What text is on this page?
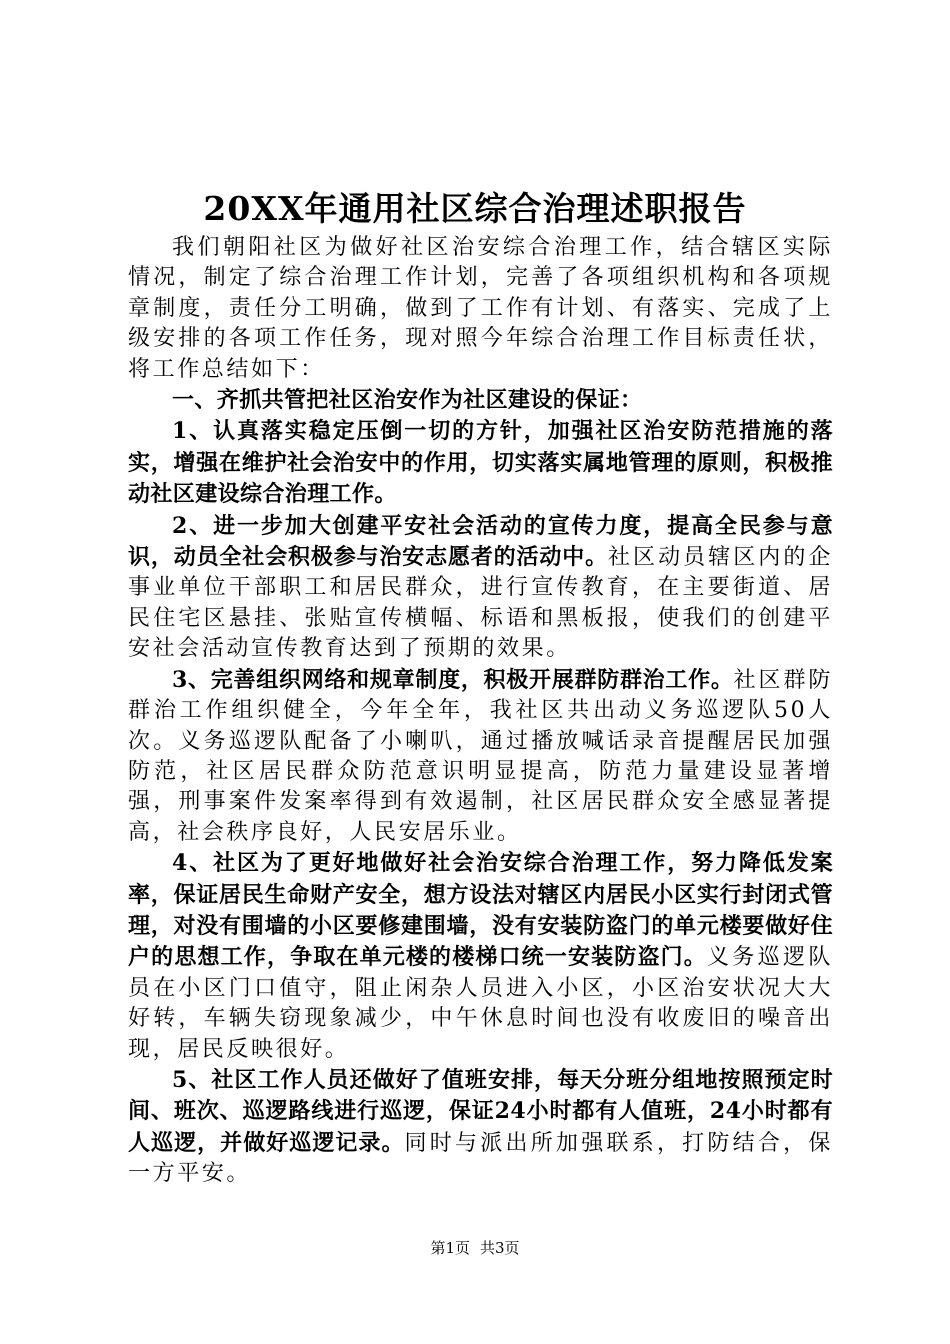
20XX年通用社区综合治理述职报告

我们朝阳社区为做好社区治安综合治理工作，结合辖区实际情况，制定了综合治理工作计划，完善了各项组织机构和各项规章制度，责任分工明确，做到了工作有计划、有落实、完成了上级安排的各项工作任务，现对照今年综合治理工作目标责任状，将工作总结如下：

一、齐抓共管把社区治安作为社区建设的保证：

1、认真落实稳定压倒一切的方针，加强社区治安防范措施的落实，增强在维护社会治安中的作用，切实落实属地管理的原则，积极推动社区建设综合治理工作。

2、进一步加大创建平安社会活动的宣传力度，提高全民参与意识，动员全社会积极参与治安志愿者的活动中。社区动员辖区内的企事业单位干部职工和居民群众，进行宣传教育，在主要街道、居民住宅区悬挂、张贴宣传横幅、标语和黑板报，使我们的创建平安社会活动宣传教育达到了预期的效果。

3、完善组织网络和规章制度，积极开展群防群治工作。社区群防群治工作组织健全，今年全年，我社区共出动义务巡逻队50人次。义务巡逻队配备了小喇叭，通过播放喊话录音提醒居民加强防范，社区居民群众防范意识明显提高，防范力量建设显著增强，刑事案件发案率得到有效遏制，社区居民群众安全感显著提高，社会秩序良好，人民安居乐业。

4、社区为了更好地做好社会治安综合治理工作，努力降低发案率，保证居民生命财产安全，想方设法对辖区内居民小区实行封闭式管理，对没有围墙的小区要修建围墙，没有安装防盗门的单元楼要做好住户的思想工作，争取在单元楼的楼梯口统一安装防盗门。义务巡逻队员在小区门口值守，阻止闲杂人员进入小区，小区治安状况大大好转，车辆失窃现象减少，中午休息时间也没有收废旧的噪音出现，居民反映很好。

5、社区工作人员还做好了值班安排，每天分班分组地按照预定时间、班次、巡逻路线进行巡逻，保证24小时都有人值班，24小时都有人巡逻，并做好巡逻记录。同时与派出所加强联系，打防结合，保一方平安。

第1页 共3页
